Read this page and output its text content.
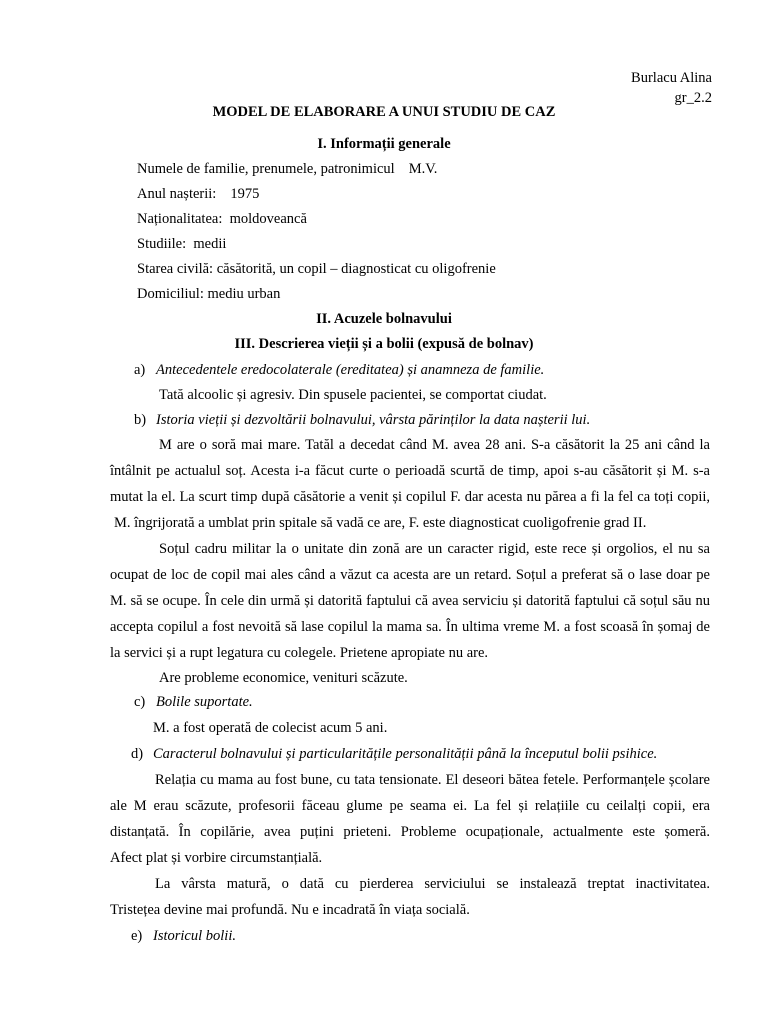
Burlacu Alina
gr_2.2
MODEL DE ELABORARE A UNUI STUDIU DE CAZ
I. Informații generale
Numele de familie, prenumele, patronimicul M.V.
Anul nașterii: 1975
Naționalitatea: moldoveancă
Studiile: medii
Starea civilă: căsătorită, un copil – diagnosticat cu oligofrenie
Domiciliul: mediu urban
II. Acuzele bolnavului
III. Descrierea vieții și a bolii (expusă de bolnav)
a) Antecedentele eredocolaterale (ereditatea) și anamneza de familie.
Tată alcoolic și agresiv. Din spusele pacientei, se comportat ciudat.
b) Istoria vieții și dezvoltării bolnavului, vârsta părinților la data nașterii lui.
M are o soră mai mare. Tatăl a decedat când M. avea 28 ani. S-a căsătorit la 25 ani când la
întâlnit pe actualul soț. Acesta i-a făcut curte o perioadă scurtă de timp, apoi s-au căsătorit și M. s-a
mutat la el. La scurt timp după căsătorie a venit și copilul F. dar acesta nu părea a fi la fel ca toți copii,
M. îngrijorată a umblat prin spitale să vadă ce are, F. este diagnosticat cuoligofrenie grad II.
Soțul cadru militar la o unitate din zonă are un caracter rigid, este rece și orgolios, el nu sa
ocupat de loc de copil mai ales când a văzut ca acesta are un retard. Soțul a preferat să o lase doar pe
M. să se ocupe. În cele din urmă și datorită faptului că avea serviciu și datorită faptului că soțul său nu
accepta copilul a fost nevoită să lase copilul la mama sa. În ultima vreme M. a fost scoasă în șomaj de
la servici și a rupt legatura cu colegele. Prietene apropiate nu are.
Are probleme economice, venituri scăzute.
c) Bolile suportate.
M. a fost operată de colecist acum 5 ani.
d) Caracterul bolnavului și particularitățile personalității până la începutul bolii psihice.
Relația cu mama au fost bune, cu tata tensionate. El deseori bătea fetele. Performanțele școlare
ale M erau scăzute, profesorii făceau glume pe seama ei. La fel și relațiile cu ceilalți copii, era
distanțată. În copilărie, avea puțini prieteni. Probleme ocupaționale, actualmente este șomeră.
Afect plat și vorbire circumstanțială.
La vârsta matură, o dată cu pierderea serviciului se instalează treptat inactivitatea.
Tristețea devine mai profundă. Nu e incadrată în viața socială.
e) Istoricul bolii.
